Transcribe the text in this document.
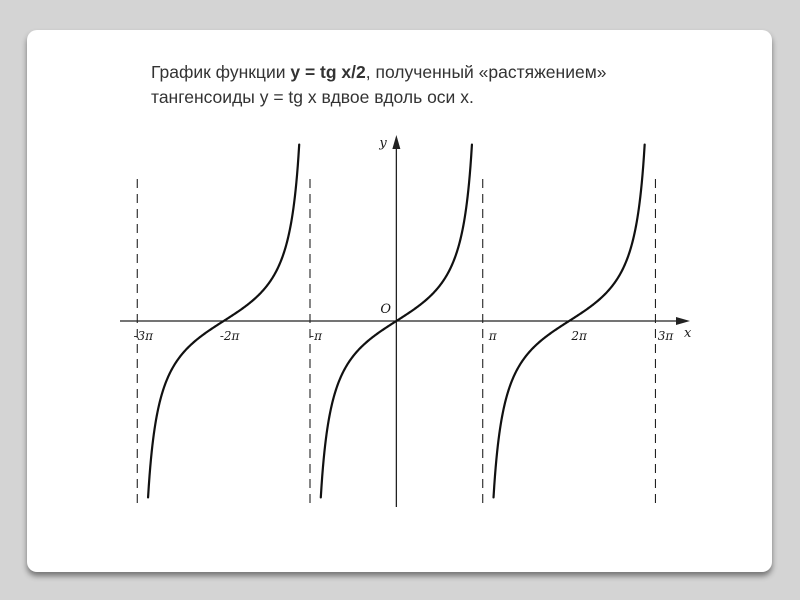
График функции y = tg x/2, полученный «растяжением»
тангенсоиды y = tg x вдвое вдоль оси x.

-3π	-2π	-π	π	2π	3π x
y
O
